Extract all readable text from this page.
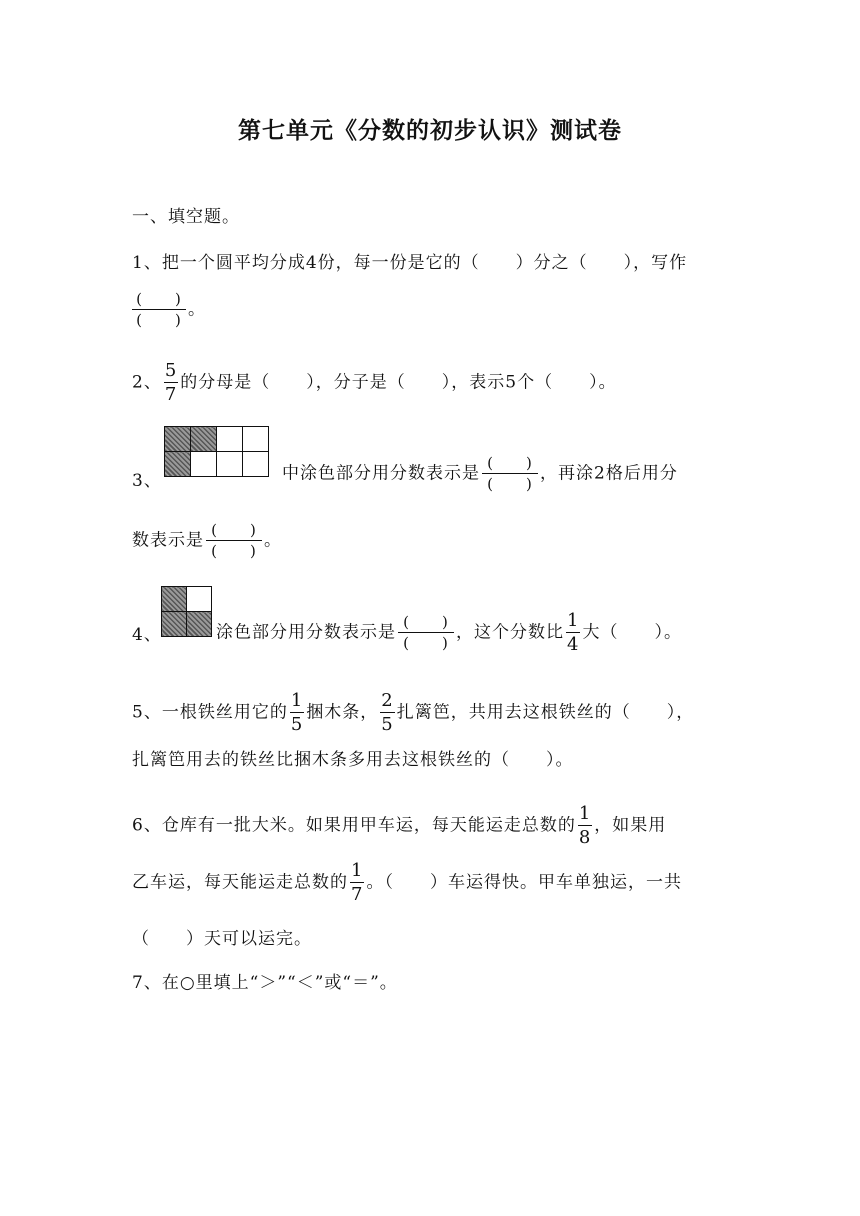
第七单元《分数的初步认识》测试卷
一、填空题。
1、把一个圆平均分成4份，每一份是它的（　　）分之（　　），写作
$\frac{( )}{( )}$ 。
2、 $\frac{5}{7}$ 的分母是（　　），分子是（　　），表示5个（　　）。
3、

				中涂色部分用分数表示是 $\frac{( )}{( )}$ ，再涂2格后用分
数表示是 $\frac{( )}{( )}$ 。
4、

		涂色部分用分数表示是 $\frac{( )}{( )}$ ，这个分数比 $\frac{1}{4}$ 大（　　）。
5、一根铁丝用它的 $\frac{1}{5}$ 捆木条， $\frac{2}{5}$ 扎篱笆，共用去这根铁丝的（　　），
扎篱笆用去的铁丝比捆木条多用去这根铁丝的（　　）。
6、仓库有一批大米。如果用甲车运，每天能运走总数的 $\frac{1}{8}$ ，如果用
乙车运，每天能运走总数的 $\frac{1}{7}$ 。（　　）车运得快。甲车单独运，一共
（　　）天可以运完。
7、在○里填上“＞”“＜”或“＝”。
